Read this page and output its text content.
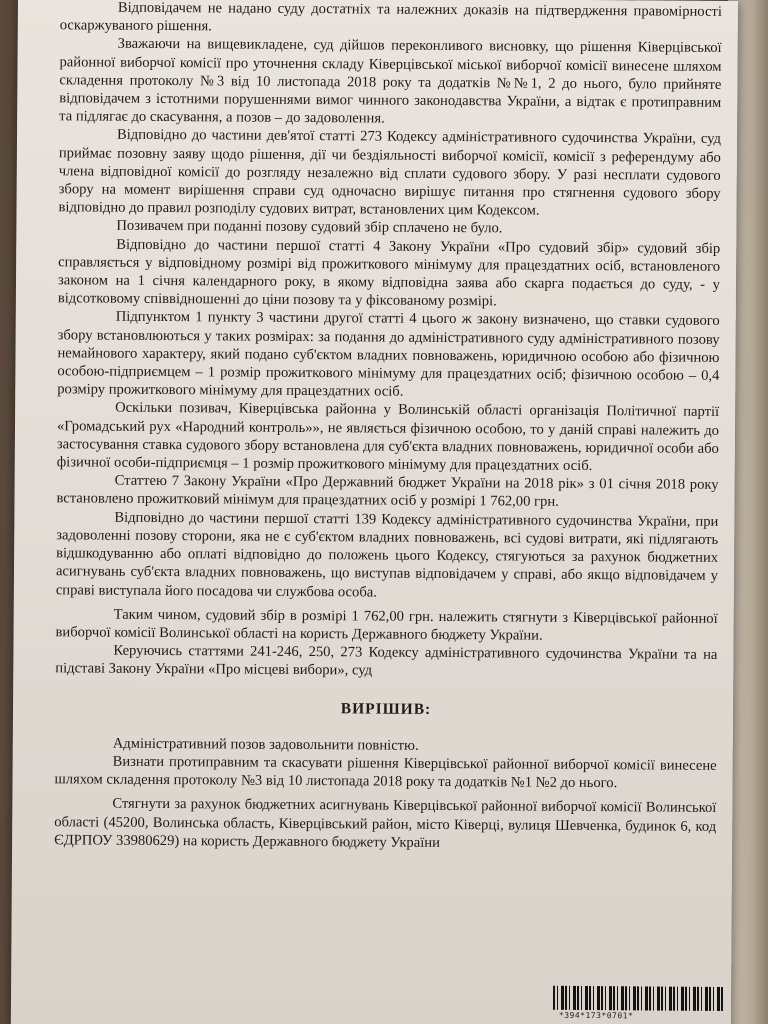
Відповідачем не надано суду достатніх та належних доказів на підтвердження правомірності оскаржуваного рішення.

Зважаючи на вищевикладене, суд дійшов переконливого висновку, що рішення Ківерцівської районної виборчої комісії про уточнення складу Ківерцівської міської виборчої комісії винесене шляхом складення протоколу №3 від 10 листопада 2018 року та додатків №№1, 2 до нього, було прийняте відповідачем з істотними порушеннями вимог чинного законодавства України, а відтак є протиправним та підлягає до скасування, а позов – до задоволення.

Відповідно до частини дев'ятої статті 273 Кодексу адміністративного судочинства України, суд приймає позовну заяву щодо рішення, дії чи бездіяльності виборчої комісії, комісії з референдуму або члена відповідної комісії до розгляду незалежно від сплати судового збору. У разі несплати судового збору на момент вирішення справи суд одночасно вирішує питання про стягнення судового збору відповідно до правил розподілу судових витрат, встановлених цим Кодексом.

Позивачем при поданні позову судовий збір сплачено не було.

Відповідно до частини першої статті 4 Закону України «Про судовий збір» судовий збір справляється у відповідному розмірі від прожиткового мінімуму для працездатних осіб, встановленого законом на 1 січня календарного року, в якому відповідна заява або скарга подається до суду, - у відсотковому співвідношенні до ціни позову та у фіксованому розмірі.

Підпунктом 1 пункту 3 частини другої статті 4 цього ж закону визначено, що ставки судового збору встановлюються у таких розмірах: за подання до адміністративного суду адміністративного позову немайнового характеру, який подано суб'єктом владних повноважень, юридичною особою або фізичною особою-підприємцем – 1 розмір прожиткового мінімуму для працездатних осіб; фізичною особою – 0,4 розміру прожиткового мінімуму для працездатних осіб.

Оскільки позивач, Ківерцівська районна у Волинській області організація Політичної партії «Громадський рух «Народний контроль»», не являється фізичною особою, то у даній справі належить до застосування ставка судового збору встановлена для суб'єкта владних повноважень, юридичної особи або фізичної особи-підприємця – 1 розмір прожиткового мінімуму для працездатних осіб.

Статтею 7 Закону України «Про Державний бюджет України на 2018 рік» з 01 січня 2018 року встановлено прожитковий мінімум для працездатних осіб у розмірі 1 762,00 грн.

Відповідно до частини першої статті 139 Кодексу адміністративного судочинства України, при задоволенні позову сторони, яка не є суб'єктом владних повноважень, всі судові витрати, які підлягають відшкодуванню або оплаті відповідно до положень цього Кодексу, стягуються за рахунок бюджетних асигнувань суб'єкта владних повноважень, що виступав відповідачем у справі, або якщо відповідачем у справі виступала його посадова чи службова особа.

Таким чином, судовий збір в розмірі 1 762,00 грн. належить стягнути з Ківерцівської районної виборчої комісії Волинської області на користь Державного бюджету України.

Керуючись статтями 241-246, 250, 273 Кодексу адміністративного судочинства України та на підставі Закону України «Про місцеві вибори», суд

ВИРІШИВ:

Адміністративний позов задовольнити повністю.

Визнати протиправним та скасувати рішення Ківерцівської районної виборчої комісії винесене шляхом складення протоколу №3 від 10 листопада 2018 року та додатків №1 №2 до нього.

Стягнути за рахунок бюджетних асигнувань Ківерцівської районної виборчої комісії Волинської області (45200, Волинська область, Ківерцівський район, місто Ківерці, вулиця Шевченка, будинок 6, код ЄДРПОУ 33980629) на користь Державного бюджету України

*394*173*0701*
